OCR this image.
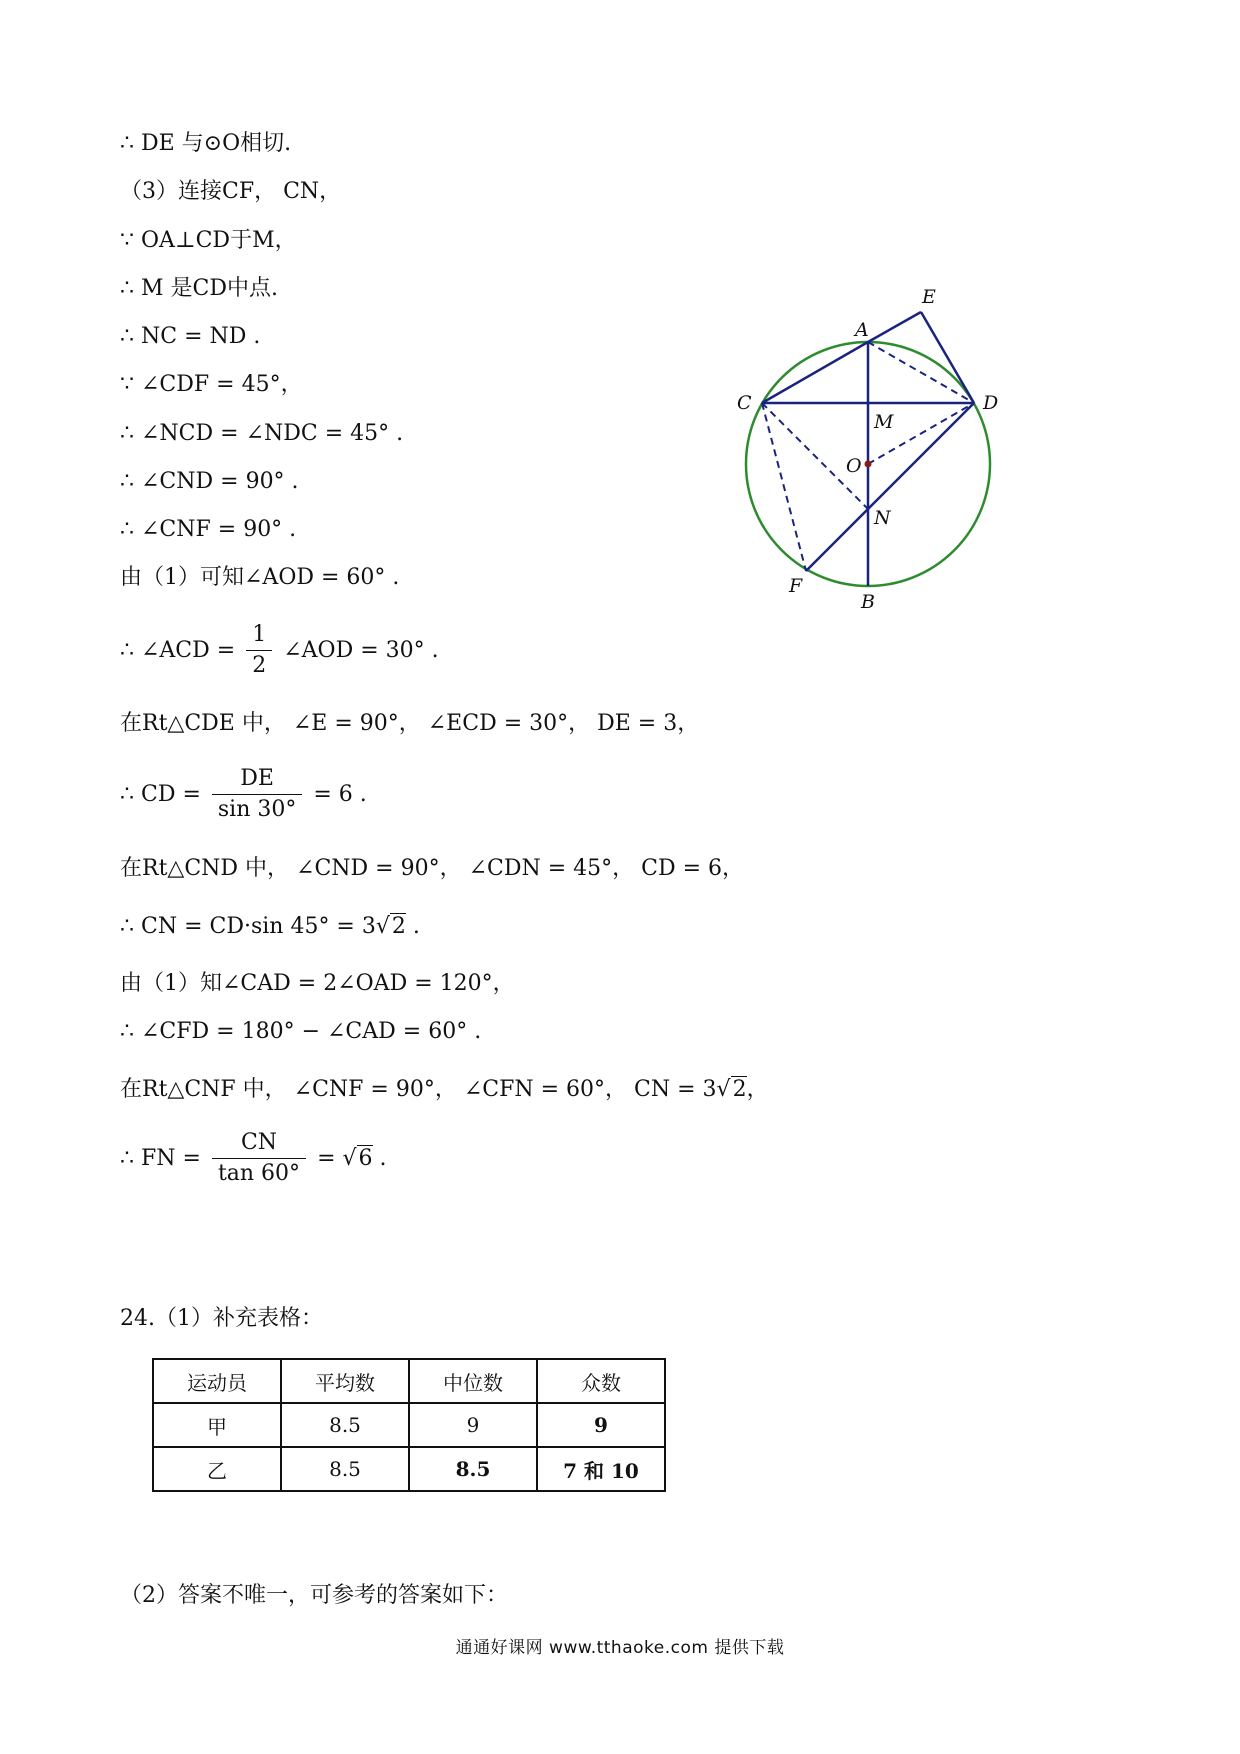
∴ DE 与⊙O相切.
（3）连接CF， CN，
∵ OA⊥CD于M，
∴ M 是CD中点.
∴ NC = ND .
∵ ∠CDF = 45°，
∴ ∠NCD = ∠NDC = 45° .
∴ ∠CND = 90° .
∴ ∠CNF = 90° .
由（1）可知∠AOD = 60° .
∴ ∠ACD = $\frac{1}{2}$ ∠AOD = 30° .
在Rt△CDE 中， ∠E = 90°， ∠ECD = 30°， DE = 3，
∴ CD = $\frac{DE}{\sin 30^\circ} = 6$ .
在Rt△CND 中， ∠CND = 90°， ∠CDN = 45°， CD = 6，
∴ CN = CD·sin 45° = 3√2 .
由（1）知∠CAD = 2∠OAD = 120°，
∴ ∠CFD = 180° − ∠CAD = 60° .
在Rt△CNF 中， ∠CNF = 90°， ∠CFN = 60°， CN = 3√2，
∴ FN = $\frac{CN}{\tan 60^\circ} = √6$ .
E
A
C	D
M
O
N
F
B
24.（1）补充表格：
运动员	平均数	中位数	众数
甲	8.5	9	9
乙	8.5	8.5	7 和 10
（2）答案不唯一，可参考的答案如下：
通通好课网 www.tthaoke.com 提供下载
